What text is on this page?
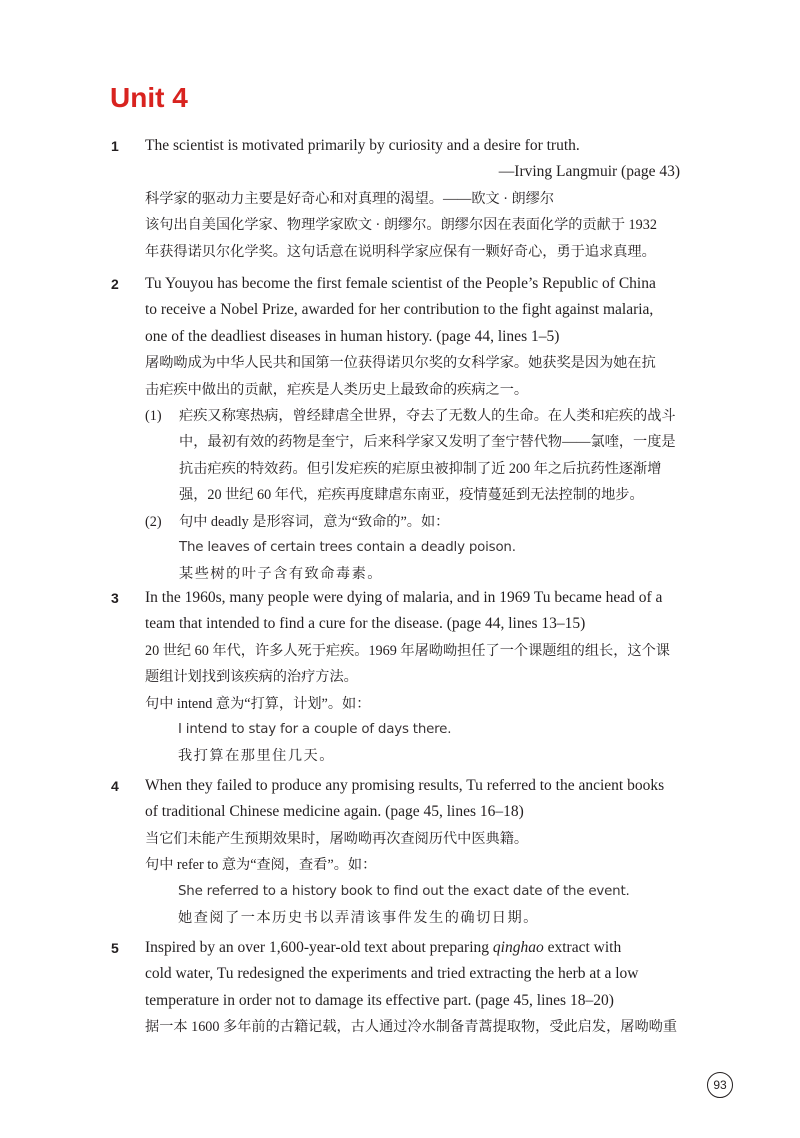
Unit 4
1 The scientist is motivated primarily by curiosity and a desire for truth.
—Irving Langmuir (page 43)
科学家的驱动力主要是好奇心和对真理的渴望。——欧文 · 朗缪尔
该句出自美国化学家、物理学家欧文 · 朗缪尔。朗缪尔因在表面化学的贡献于 1932
年获得诺贝尔化学奖。这句话意在说明科学家应保有一颗好奇心，勇于追求真理。
2 Tu Youyou has become the first female scientist of the People’s Republic of China
to receive a Nobel Prize, awarded for her contribution to the fight against malaria,
one of the deadliest diseases in human history. (page 44, lines 1–5)
屠呦呦成为中华人民共和国第一位获得诺贝尔奖的女科学家。她获奖是因为她在抗
击疟疾中做出的贡献，疟疾是人类历史上最致命的疾病之一。
(1) 疟疾又称寒热病，曾经肆虐全世界，夺去了无数人的生命。在人类和疟疾的战斗
中，最初有效的药物是奎宁，后来科学家又发明了奎宁替代物——氯喹，一度是
抗击疟疾的特效药。但引发疟疾的疟原虫被抑制了近 200 年之后抗药性逐渐增
强，20 世纪 60 年代，疟疾再度肆虐东南亚，疫情蔓延到无法控制的地步。
(2) 句中 deadly 是形容词，意为“致命的”。如：
The leaves of certain trees contain a deadly poison.
某些树的叶子含有致命毒素。
3 In the 1960s, many people were dying of malaria, and in 1969 Tu became head of a
team that intended to find a cure for the disease. (page 44, lines 13–15)
20 世纪 60 年代，许多人死于疟疾。1969 年屠呦呦担任了一个课题组的组长，这个课
题组计划找到该疾病的治疗方法。
句中 intend 意为“打算，计划”。如：
I intend to stay for a couple of days there.
我打算在那里住几天。
4 When they failed to produce any promising results, Tu referred to the ancient books
of traditional Chinese medicine again. (page 45, lines 16–18)
当它们未能产生预期效果时，屠呦呦再次查阅历代中医典籍。
句中 refer to 意为“查阅，查看”。如：
She referred to a history book to find out the exact date of the event.
她查阅了一本历史书以弄清该事件发生的确切日期。
5 Inspired by an over 1,600-year-old text about preparing qinghao extract with
cold water, Tu redesigned the experiments and tried extracting the herb at a low
temperature in order not to damage its effective part. (page 45, lines 18–20)
据一本 1600 多年前的古籍记载，古人通过冷水制备青蒿提取物，受此启发，屠呦呦重
93
